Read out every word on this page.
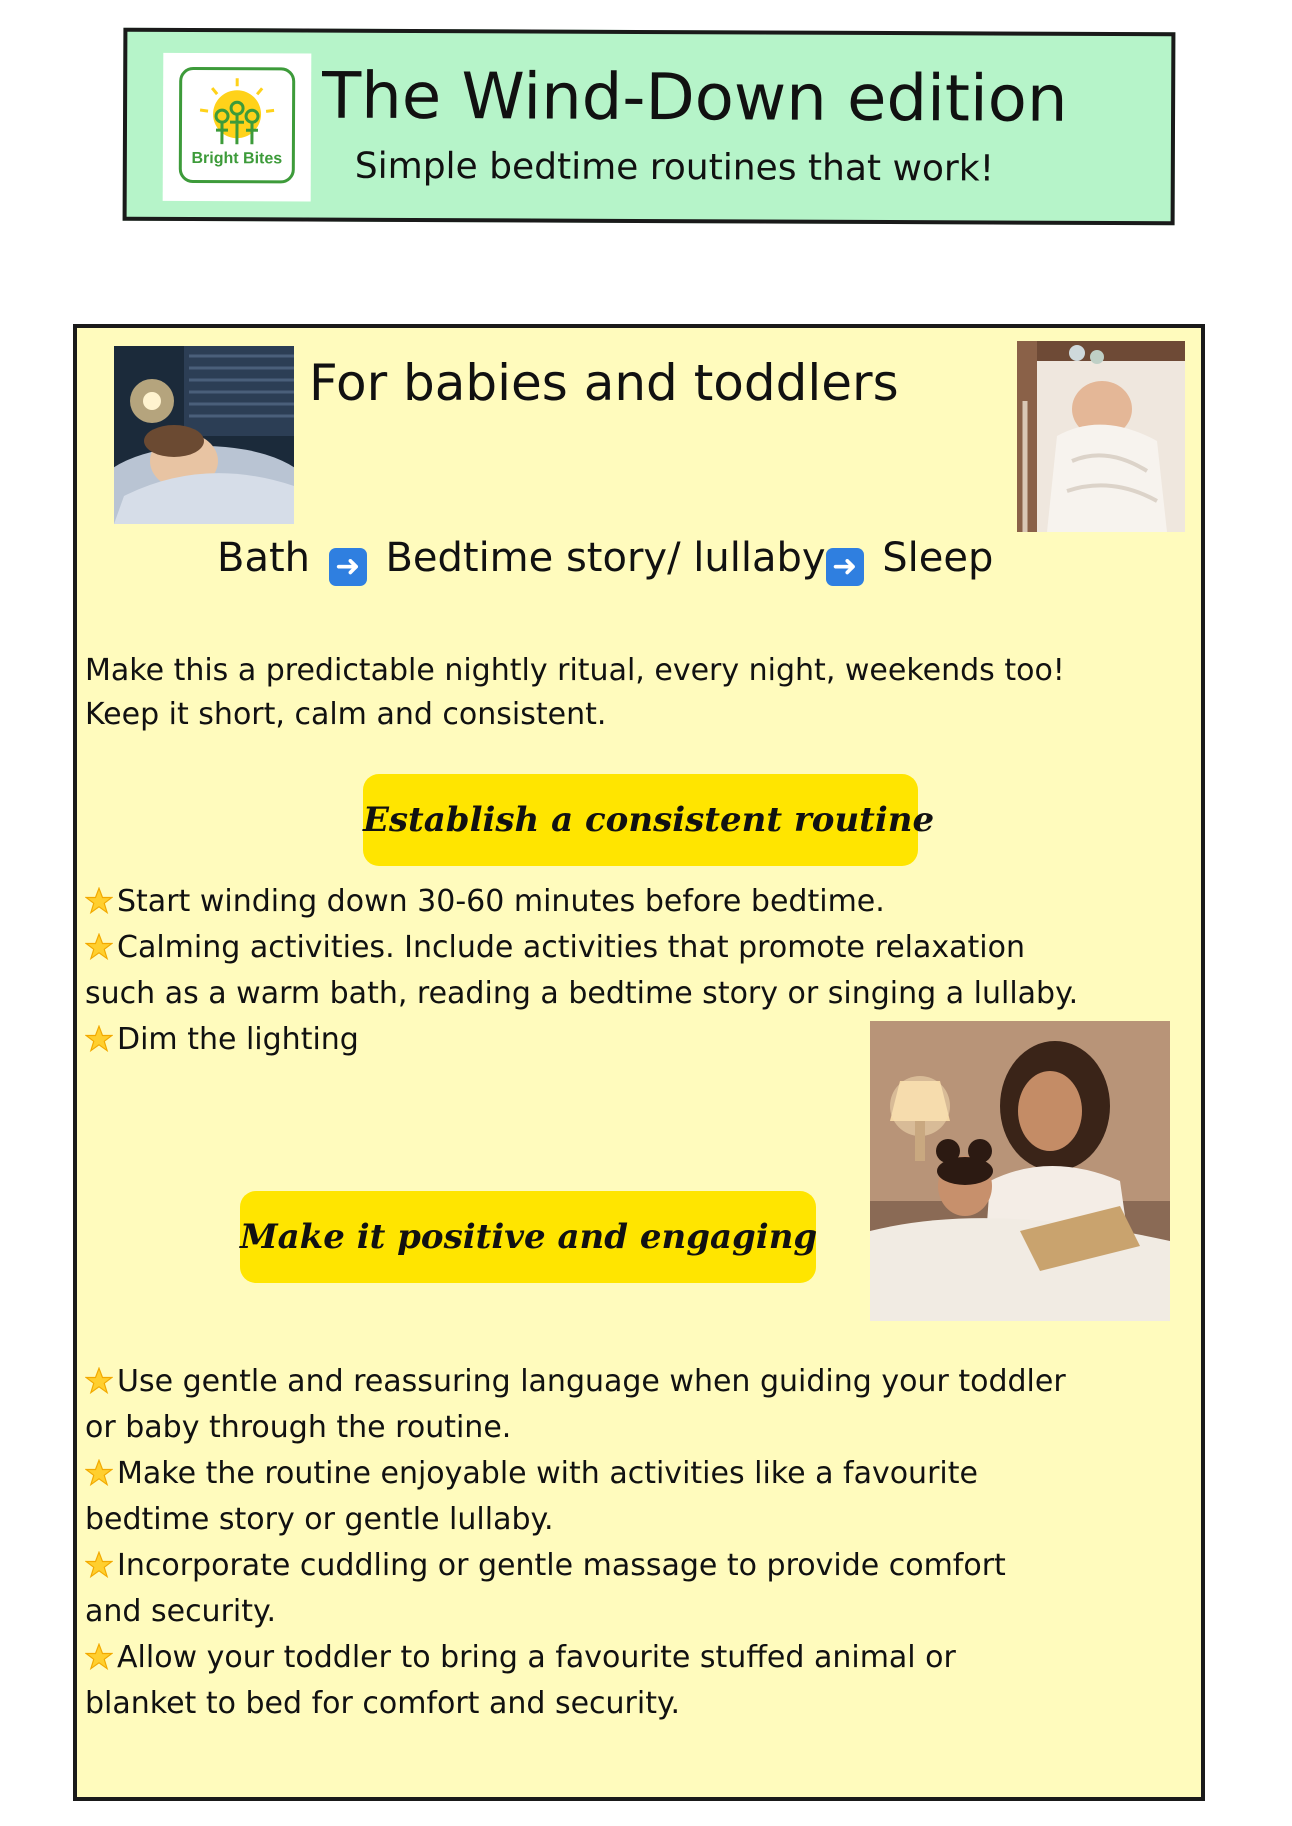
Bright Bites
The Wind-Down edition
Simple bedtime routines that work!
For babies and toddlers
Bath ➜ Bedtime story/ lullaby ➜ Sleep
Make this a predictable nightly ritual, every night, weekends too!
Keep it short, calm and consistent.
Establish a consistent routine
Start winding down 30-60 minutes before bedtime.
Calming activities. Include activities that promote relaxation
such as a warm bath, reading a bedtime story or singing a lullaby.
Dim the lighting
Make it positive and engaging
Use gentle and reassuring language when guiding your toddler
or baby through the routine.
Make the routine enjoyable with activities like a favourite
bedtime story or gentle lullaby.
Incorporate cuddling or gentle massage to provide comfort
and security.
Allow your toddler to bring a favourite stuffed animal or
blanket to bed for comfort and security.
